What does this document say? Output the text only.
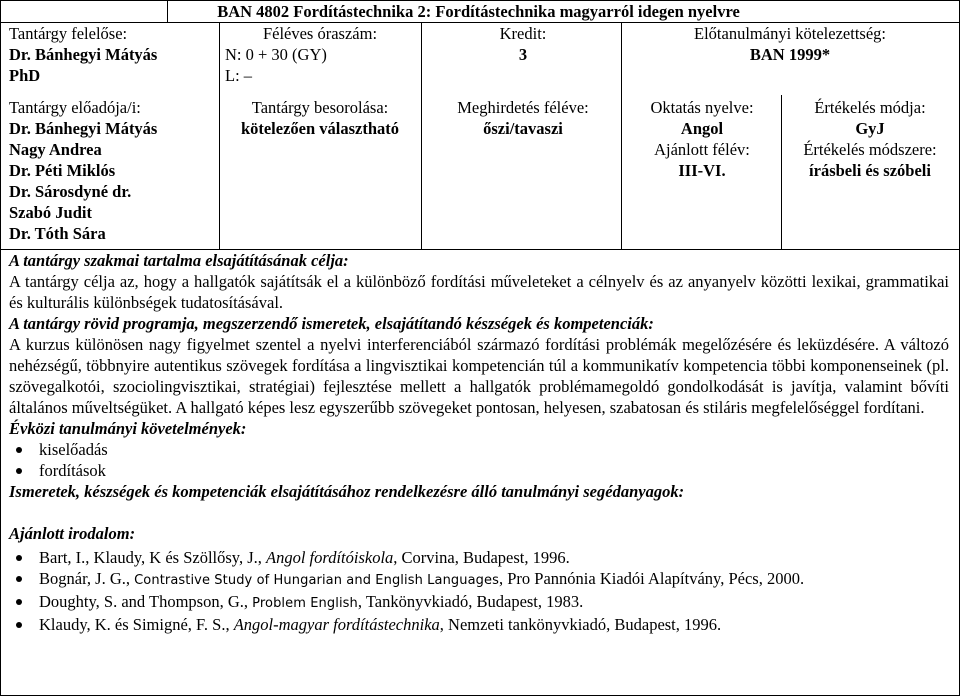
BAN 4802 Fordítástechnika 2: Fordítástechnika magyarról idegen nyelvre
Tantárgy felelőse:
Dr. Bánhegyi Mátyás
PhD
Féléves óraszám:
N: 0 + 30 (GY)
L: –
Kredit:
3
Előtanulmányi kötelezettség:
BAN 1999*
Tantárgy előadója/i:
Dr. Bánhegyi Mátyás
Nagy Andrea
Dr. Péti Miklós
Dr. Sárosdyné dr.
Szabó Judit
Dr. Tóth Sára
Tantárgy besorolása:
kötelezően választható
Meghirdetés féléve:
őszi/tavaszi
Oktatás nyelve:
Angol
Ajánlott félév:
III-VI.
Értékelés módja:
GyJ
Értékelés módszere:
írásbeli és szóbeli
A tantárgy szakmai tartalma elsajátításának célja:

A tantárgy célja az, hogy a hallgatók sajátítsák el a különböző fordítási műveleteket a célnyelv és az anyanyelv közötti lexikai, grammatikai és kulturális különbségek tudatosításával.

A tantárgy rövid programja, megszerzendő ismeretek, elsajátítandó készségek és kompetenciák:

A kurzus különösen nagy figyelmet szentel a nyelvi interferenciából származó fordítási problémák megelőzésére és leküzdésére. A változó nehézségű, többnyire autentikus szövegek fordítása a lingvisztikai kompetencián túl a kommunikatív kompetencia többi komponenseinek (pl. szövegalkotói, szociolingvisztikai, stratégiai) fejlesztése mellett a hallgatók problémamegoldó gondolkodását is javítja, valamint bővíti általános műveltségüket. A hallgató képes lesz egyszerűbb szövegeket pontosan, helyesen, szabatosan és stiláris megfelelőséggel fordítani.

Évközi tanulmányi követelmények:
kiselőadás
fordítások
Ismeretek, készségek és kompetenciák elsajátításához rendelkezésre álló tanulmányi segédanyagok:
Ajánlott irodalom:
Bart, I., Klaudy, K és Szöllősy, J., Angol fordítóiskola, Corvina, Budapest, 1996.
Bognár, J. G., Contrastive Study of Hungarian and English Languages, Pro Pannónia Kiadói Alapítvány, Pécs, 2000.
Doughty, S. and Thompson, G., Problem English, Tankönyvkiadó, Budapest, 1983.
Klaudy, K. és Simigné, F. S., Angol-magyar fordítástechnika, Nemzeti tankönyvkiadó, Budapest, 1996.
